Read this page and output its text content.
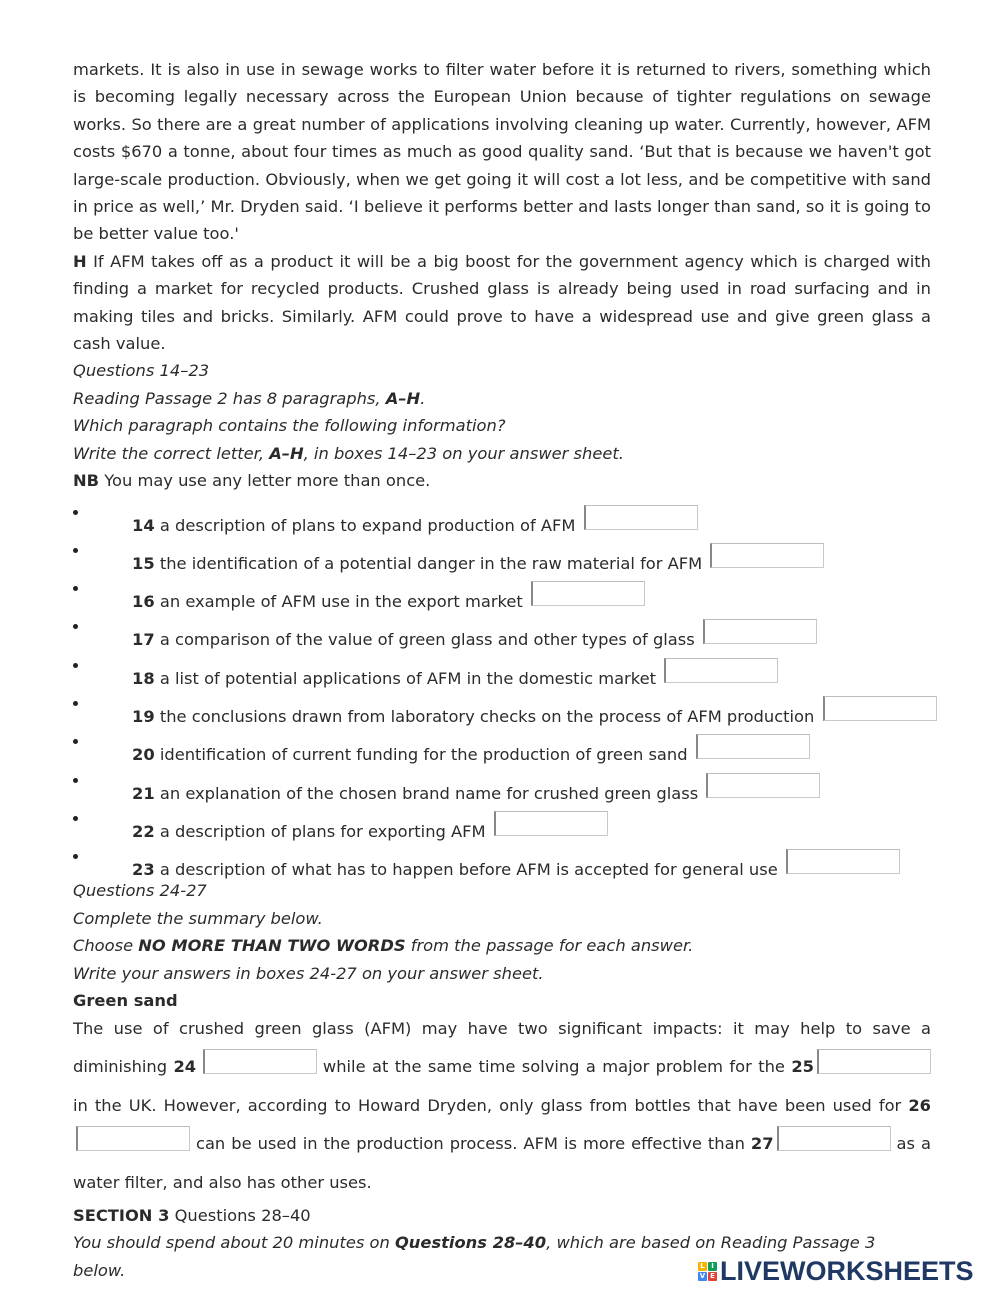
markets. It is also in use in sewage works to filter water before it is returned to rivers, something which is becoming legally necessary across the European Union because of tighter regulations on sewage works. So there are a great number of applications involving cleaning up water. Currently, however, AFM costs $670 a tonne, about four times as much as good quality sand. ‘But that is because we haven't got large-scale production. Obviously, when we get going it will cost a lot less, and be competitive with sand in price as well,’ Mr. Dryden said. ‘I believe it performs better and lasts longer than sand, so it is going to be better value too.'

H If AFM takes off as a product it will be a big boost for the government agency which is charged with finding a market for recycled products. Crushed glass is already being used in road surfacing and in making tiles and bricks. Similarly. AFM could prove to have a widespread use and give green glass a cash value.

Questions 14–23

Reading Passage 2 has 8 paragraphs, A–H.

Which paragraph contains the following information?

Write the correct letter, A–H, in boxes 14–23 on your answer sheet.

NB You may use any letter more than once.

14 a description of plans to expand production of AFM
15 the identification of a potential danger in the raw material for AFM
16 an example of AFM use in the export market
17 a comparison of the value of green glass and other types of glass
18 a list of potential applications of AFM in the domestic market
19 the conclusions drawn from laboratory checks on the process of AFM production
20 identification of current funding for the production of green sand
21 an explanation of the chosen brand name for crushed green glass
22 a description of plans for exporting AFM
23 a description of what has to happen before AFM is accepted for general use

Questions 24-27

Complete the summary below.

Choose NO MORE THAN TWO WORDS from the passage for each answer.

Write your answers in boxes 24-27 on your answer sheet.

Green sand

The use of crushed green glass (AFM) may have two significant impacts: it may help to save a diminishing 24	while at the same time solving a major problem for the 25 in the UK. However, according to Howard Dryden, only glass from bottles that have been used for 26 can be used in the production process. AFM is more effective than 27	as a water filter, and also has other uses.

SECTION 3 Questions 28–40

You should spend about 20 minutes on Questions 28–40, which are based on Reading Passage 3 below.	L I
V E LIVEWORKSHEETS
